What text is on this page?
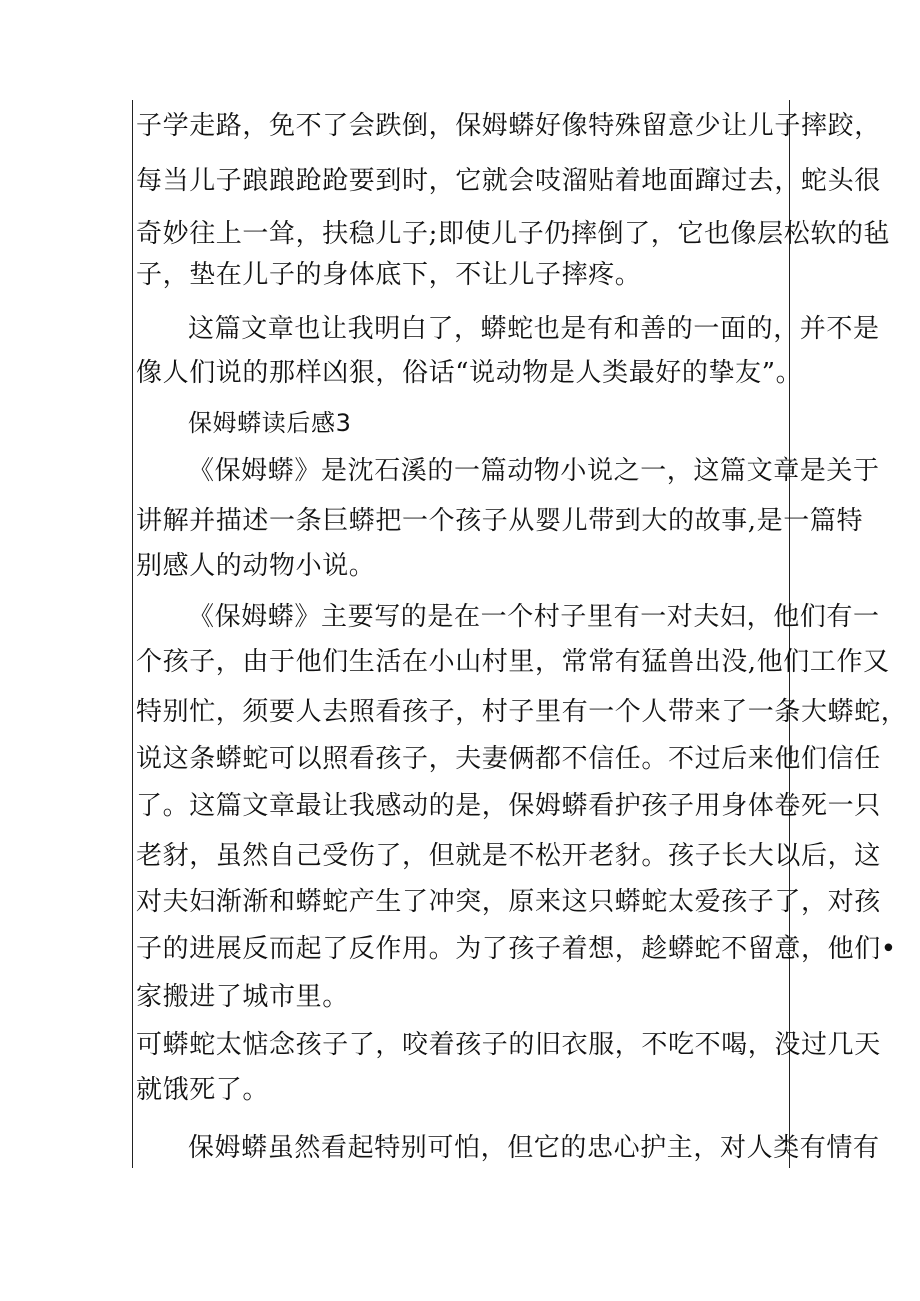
子学走路，免不了会跌倒，保姆蟒好像特殊留意少让儿子摔跤，
每当儿子踉踉跄跄要到时，它就会吱溜贴着地面蹿过去，蛇头很
奇妙往上一耸，扶稳儿子;即使儿子仍摔倒了，它也像层松软的毡
子，垫在儿子的身体底下，不让儿子摔疼。
这篇文章也让我明白了，蟒蛇也是有和善的一面的，并不是
像人们说的那样凶狠，俗话“说动物是人类最好的挚友”。
保姆蟒读后感3
《保姆蟒》是沈石溪的一篇动物小说之一，这篇文章是关于
讲解并描述一条巨蟒把一个孩子从婴儿带到大的故事,是一篇特
别感人的动物小说。
《保姆蟒》主要写的是在一个村子里有一对夫妇，他们有一
个孩子，由于他们生活在小山村里，常常有猛兽出没,他们工作又
特别忙，须要人去照看孩子，村子里有一个人带来了一条大蟒蛇，
说这条蟒蛇可以照看孩子，夫妻俩都不信任。不过后来他们信任
了。这篇文章最让我感动的是，保姆蟒看护孩子用身体卷死一只
老豺，虽然自己受伤了，但就是不松开老豺。孩子长大以后，这
对夫妇渐渐和蟒蛇产生了冲突，原来这只蟒蛇太爱孩子了，对孩
子的进展反而起了反作用。为了孩子着想，趁蟒蛇不留意，他们•
家搬进了城市里。
可蟒蛇太惦念孩子了，咬着孩子的旧衣服，不吃不喝，没过几天
就饿死了。
保姆蟒虽然看起特别可怕，但它的忠心护主，对人类有情有
